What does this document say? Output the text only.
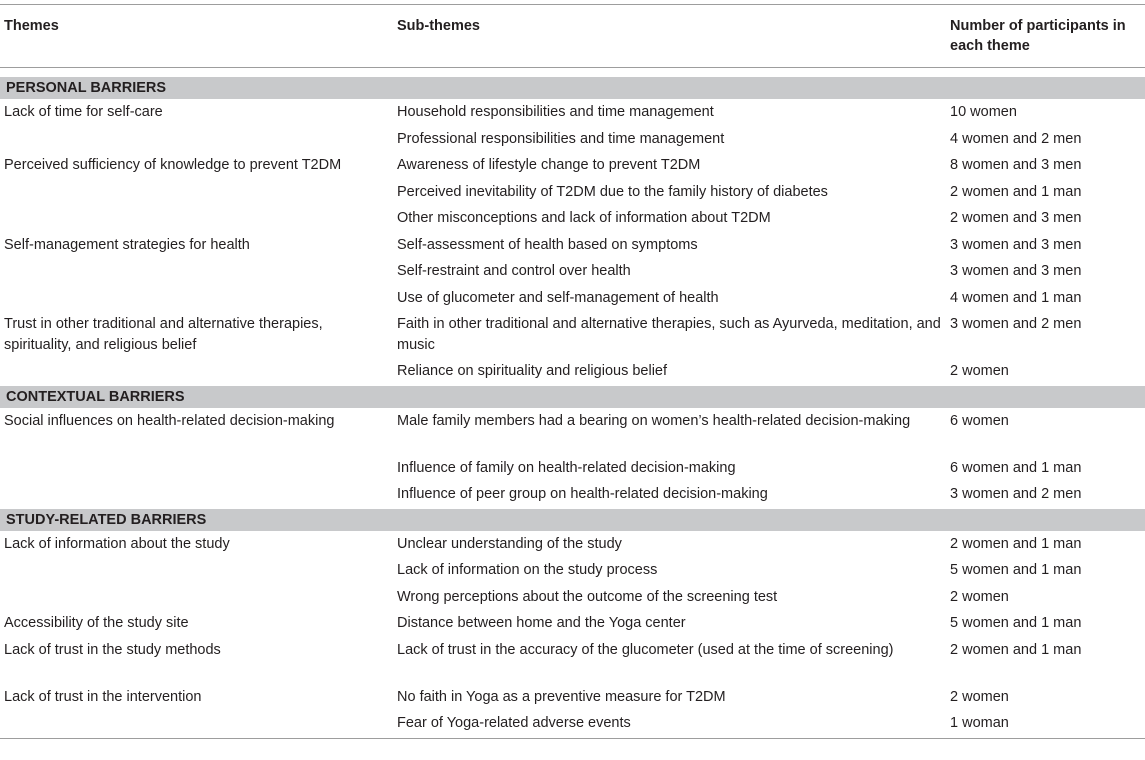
Themes	Sub-themes	Number of participants in each theme

PERSONAL BARRIERS		
Lack of time for self-care	Household responsibilities and time management	10 women
	Professional responsibilities and time management	4 women and 2 men
Perceived sufficiency of knowledge to prevent T2DM	Awareness of lifestyle change to prevent T2DM	8 women and 3 men
	Perceived inevitability of T2DM due to the family history of diabetes	2 women and 1 man
	Other misconceptions and lack of information about T2DM	2 women and 3 men
Self-management strategies for health	Self-assessment of health based on symptoms	3 women and 3 men
	Self-restraint and control over health	3 women and 3 men
	Use of glucometer and self-management of health	4 women and 1 man
Trust in other traditional and alternative therapies, spirituality, and religious belief	Faith in other traditional and alternative therapies, such as Ayurveda, meditation, and music	3 women and 2 men
	Reliance on spirituality and religious belief	2 women
CONTEXTUAL BARRIERS		
Social influences on health-related decision-making	Male family members had a bearing on women’s health-related decision-making	6 women
	Influence of family on health-related decision-making	6 women and 1 man
	Influence of peer group on health-related decision-making	3 women and 2 men
STUDY-RELATED BARRIERS		
Lack of information about the study	Unclear understanding of the study	2 women and 1 man
	Lack of information on the study process	5 women and 1 man
	Wrong perceptions about the outcome of the screening test	2 women
Accessibility of the study site	Distance between home and the Yoga center	5 women and 1 man
Lack of trust in the study methods	Lack of trust in the accuracy of the glucometer (used at the time of screening)	2 women and 1 man
Lack of trust in the intervention	No faith in Yoga as a preventive measure for T2DM	2 women
	Fear of Yoga-related adverse events	1 woman
